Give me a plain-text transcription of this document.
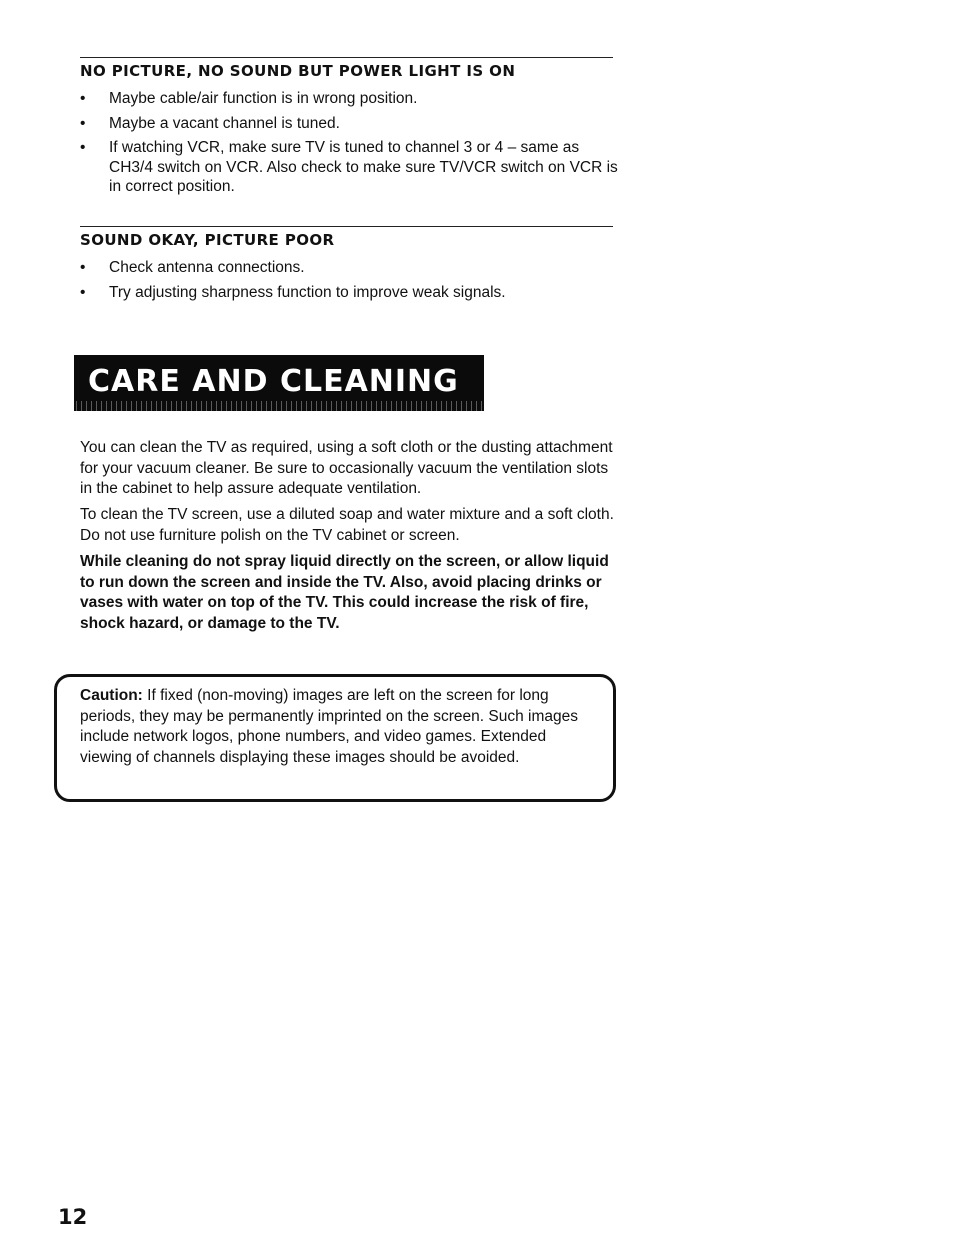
NO PICTURE, NO SOUND BUT POWER LIGHT IS ON
• Maybe cable/air function is in wrong position.
• Maybe a vacant channel is tuned.
• If watching VCR, make sure TV is tuned to channel 3 or 4 – same as CH3/4 switch on VCR. Also check to make sure TV/VCR switch on VCR is in correct position.
SOUND OKAY, PICTURE POOR
• Check antenna connections.
• Try adjusting sharpness function to improve weak signals.
CARE AND CLEANING

You can clean the TV as required, using a soft cloth or the dusting attachment for your vacuum cleaner. Be sure to occasionally vacuum the ventilation slots in the cabinet to help assure adequate ventilation.

To clean the TV screen, use a diluted soap and water mixture and a soft cloth. Do not use furniture polish on the TV cabinet or screen.

While cleaning do not spray liquid directly on the screen, or allow liquid to run down the screen and inside the TV. Also, avoid placing drinks or vases with water on top of the TV. This could increase the risk of fire, shock hazard, or damage to the TV.

Caution: If fixed (non-moving) images are left on the screen for long periods, they may be permanently imprinted on the screen. Such images include network logos, phone numbers, and video games. Extended viewing of channels displaying these images should be avoided.

12
